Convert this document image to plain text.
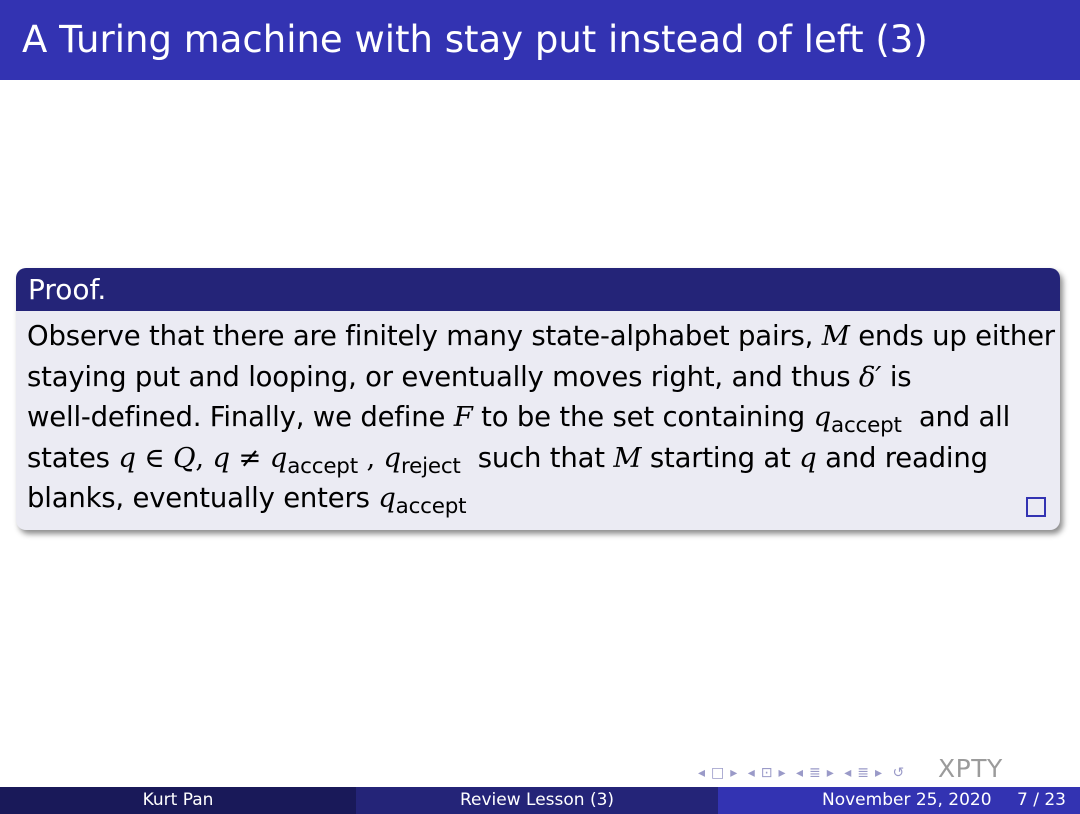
A Turing machine with stay put instead of left (3)
Proof.
Observe that there are finitely many state-alphabet pairs, M ends up either
staying put and looping, or eventually moves right, and thus δ′ is
well-defined. Finally, we define F to be the set containing $q_{accept}$  and all
states q ∈ Q, $q \ne q_{accept}$ , $q_{reject}$  such that M starting at q and reading
blanks, eventually enters $q_{accept}$
◂ □ ▸ ◂ ⊡ ▸ ◂ ≣ ▸ ◂ ≣ ▸ ↺	XPTY
Kurt Pan	Review Lesson (3)	November 25, 2020 7 / 23
